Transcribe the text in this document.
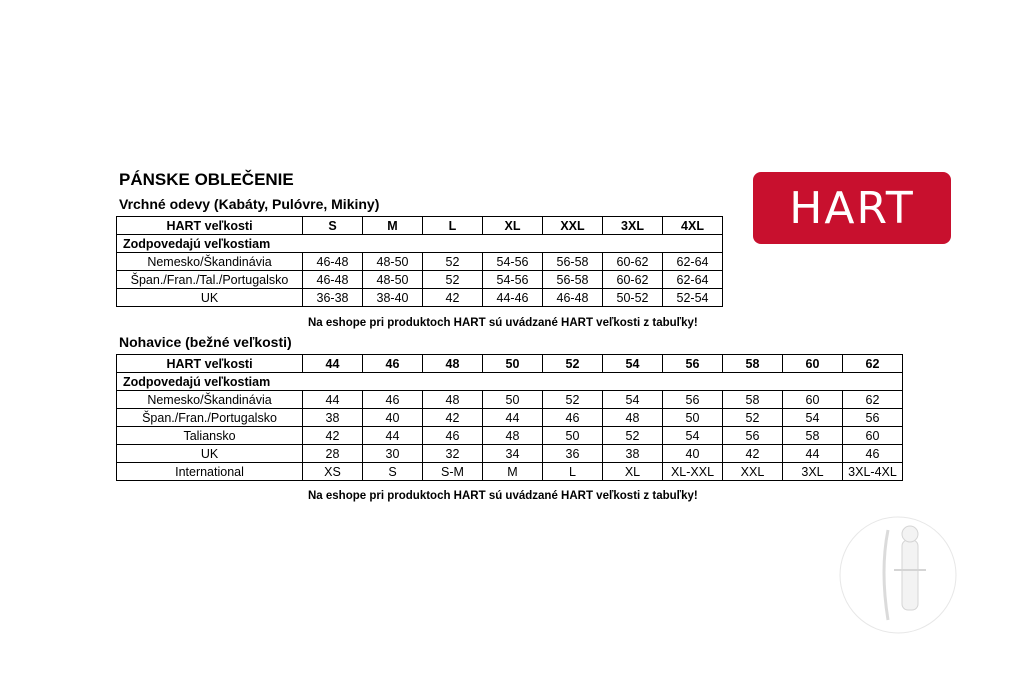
PÁNSKE OBLEČENIE
Vrchné odevy (Kabáty, Pulóvre, Mikiny)
HART veľkosti	S	M	L	XL	XXL	3XL	4XL
Zodpovedajú veľkostiam							
Nemesko/Škandinávia	46-48	48-50	52	54-56	56-58	60-62	62-64
Špan./Fran./Tal./Portugalsko	46-48	48-50	52	54-56	56-58	60-62	62-64
UK	36-38	38-40	42	44-46	46-48	50-52	52-54
Na eshope pri produktoch HART sú uvádzané HART veľkosti z tabuľky!
Nohavice (bežné veľkosti)
HART veľkosti	44	46	48	50	52	54	56	58	60	62
Zodpovedajú veľkostiam										
Nemesko/Škandinávia	44	46	48	50	52	54	56	58	60	62
Špan./Fran./Portugalsko	38	40	42	44	46	48	50	52	54	56
Taliansko	42	44	46	48	50	52	54	56	58	60
UK	28	30	32	34	36	38	40	42	44	46
International	XS	S	S-M	M	L	XL	XL-XXL	XXL	3XL	3XL-4XL
Na eshope pri produktoch HART sú uvádzané HART veľkosti z tabuľky!
HART
